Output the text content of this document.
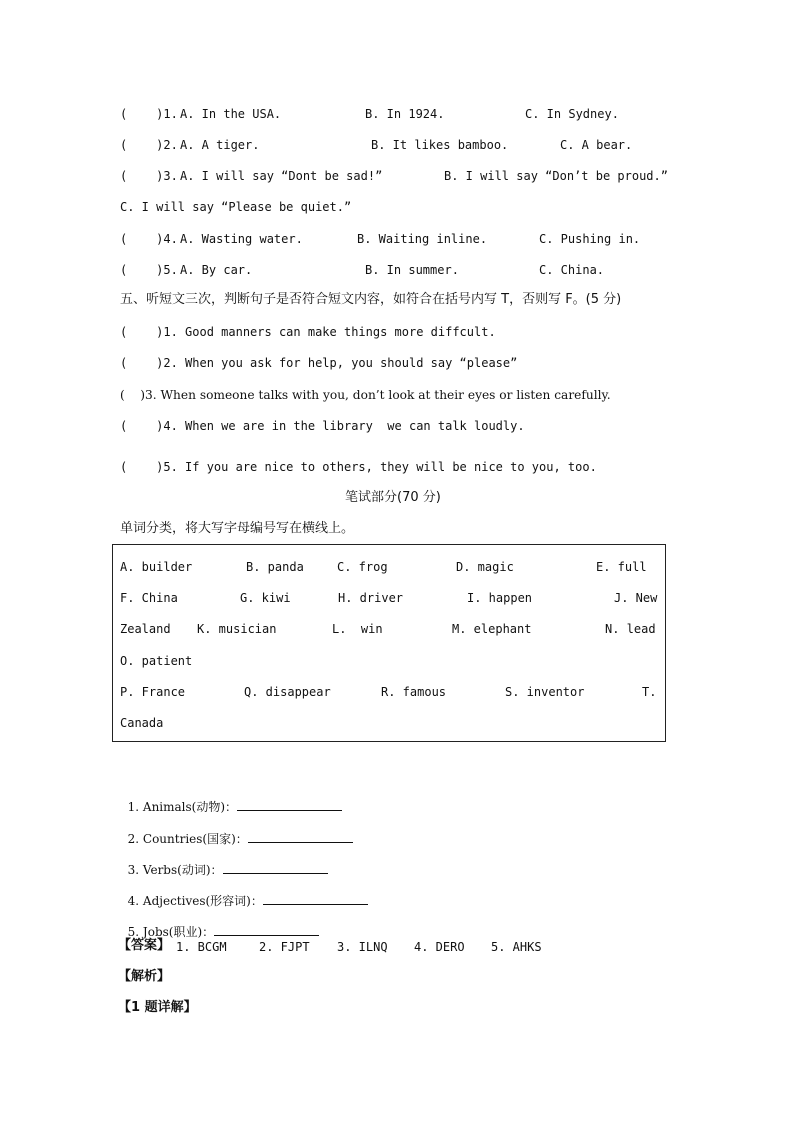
(    )1. A. In the USA.	B. In 1924.	C. In Sydney.
(    )2. A. A tiger.	B. It likes bamboo.	C. A bear.
(    )3. A. I will say “Dont be sad!”	B. I will say “Don’t be proud.”
C. I will say “Please be quiet.”
(    )4. A. Wasting water.	B. Waiting inline.	C. Pushing in.
(    )5. A. By car.	B. In summer.	C. China.
五、听短文三次，判断句子是否符合短文内容，如符合在括号内写 T，否则写 F。(5 分)
(    )1. Good manners can make things more diffcult.
(    )2. When you ask for help, you should say “please”
(    )3. When someone talks with you, don’t look at their eyes or listen carefully.
(    )4. When we are in the library  we can talk loudly.
(    )5. If you are nice to others, they will be nice to you, too.
笔试部分(70 分)
单词分类，将大写字母编号写在横线上。
A. builder	B. panda	C. frog	D. magic	E. full
F. China	G. kiwi	H. driver	I. happen	J. New
Zealand K. musician	L.  win	M. elephant	N. lead
O. patient
P. France	Q. disappear	R. famous	S. inventor	T.
Canada

1. Animals(动物)：

2. Countries(国家)：

3. Verbs(动词)：

4. Adjectives(形容词)：

5. Jobs(职业)：

【答案】 1. BCGM	2. FJPT 3. ILNQ 4. DERO 5. AHKS
【解析】
【1 题详解】
